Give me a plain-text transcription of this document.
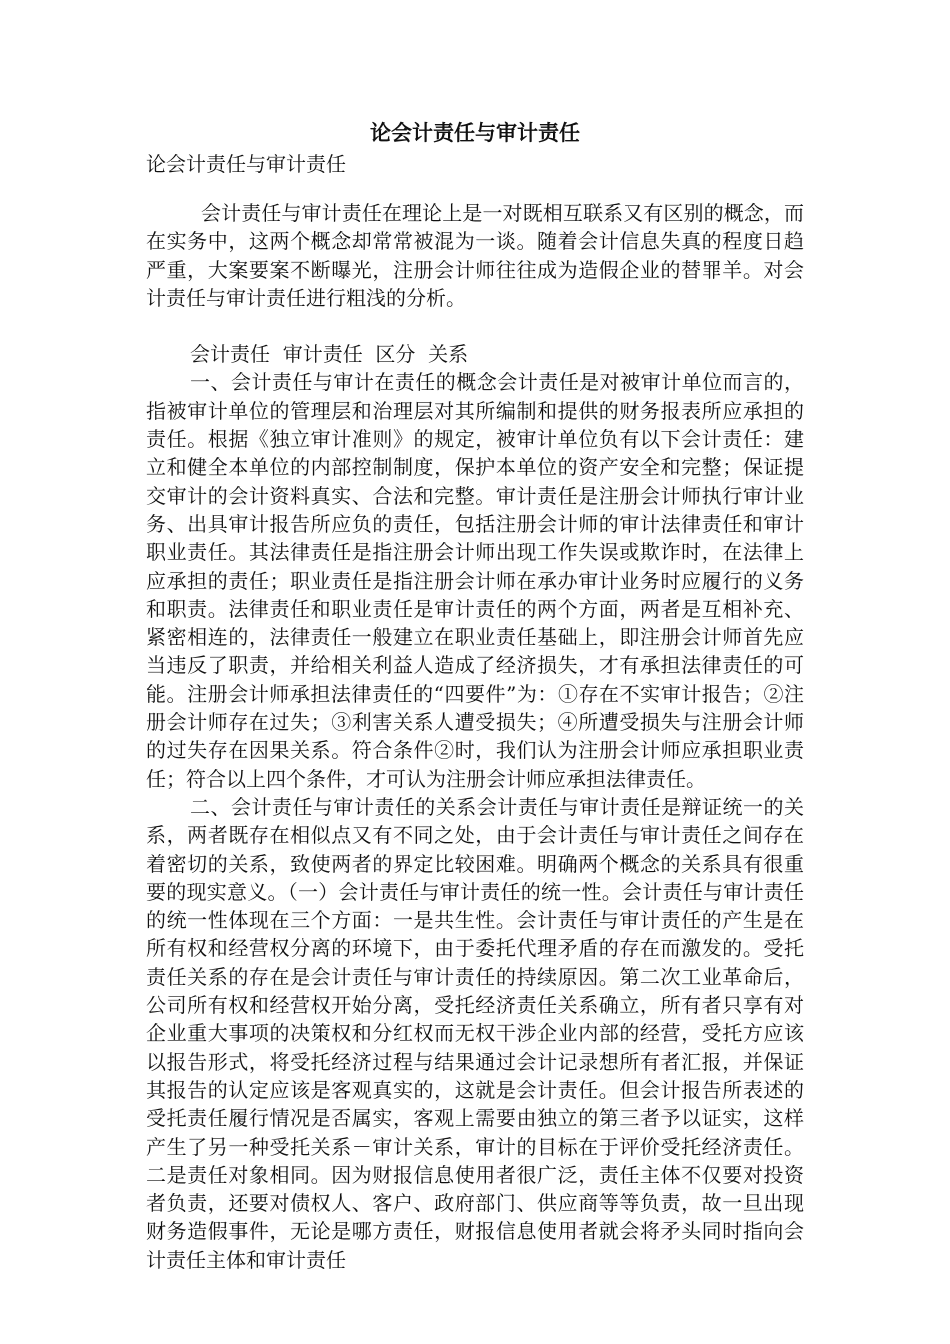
论会计责任与审计责任

论会计责任与审计责任

会计责任与审计责任在理论上是一对既相互联系又有区别的概念，而在实务中，这两个概念却常常被混为一谈。随着会计信息失真的程度日趋严重，大案要案不断曝光，注册会计师往往成为造假企业的替罪羊。对会计责任与审计责任进行粗浅的分析。

会计责任  审计责任  区分  关系

一、会计责任与审计在责任的概念会计责任是对被审计单位而言的，指被审计单位的管理层和治理层对其所编制和提供的财务报表所应承担的责任。根据《独立审计准则》的规定，被审计单位负有以下会计责任：建立和健全本单位的内部控制制度，保护本单位的资产安全和完整；保证提交审计的会计资料真实、合法和完整。审计责任是注册会计师执行审计业务、出具审计报告所应负的责任，包括注册会计师的审计法律责任和审计职业责任。其法律责任是指注册会计师出现工作失误或欺诈时，在法律上应承担的责任；职业责任是指注册会计师在承办审计业务时应履行的义务和职责。法律责任和职业责任是审计责任的两个方面，两者是互相补充、紧密相连的，法律责任一般建立在职业责任基础上，即注册会计师首先应当违反了职责，并给相关利益人造成了经济损失，才有承担法律责任的可能。注册会计师承担法律责任的“四要件”为：①存在不实审计报告；②注册会计师存在过失；③利害关系人遭受损失；④所遭受损失与注册会计师的过失存在因果关系。符合条件②时，我们认为注册会计师应承担职业责任；符合以上四个条件，才可认为注册会计师应承担法律责任。

二、会计责任与审计责任的关系会计责任与审计责任是辩证统一的关系，两者既存在相似点又有不同之处，由于会计责任与审计责任之间存在着密切的关系，致使两者的界定比较困难。明确两个概念的关系具有很重要的现实意义。（一）会计责任与审计责任的统一性。会计责任与审计责任的统一性体现在三个方面：一是共生性。会计责任与审计责任的产生是在所有权和经营权分离的环境下，由于委托代理矛盾的存在而激发的。受托责任关系的存在是会计责任与审计责任的持续原因。第二次工业革命后，公司所有权和经营权开始分离，受托经济责任关系确立，所有者只享有对企业重大事项的决策权和分红权而无权干涉企业内部的经营，受托方应该以报告形式，将受托经济过程与结果通过会计记录想所有者汇报，并保证其报告的认定应该是客观真实的，这就是会计责任。但会计报告所表述的受托责任履行情况是否属实，客观上需要由独立的第三者予以证实，这样产生了另一种受托关系－审计关系，审计的目标在于评价受托经济责任。二是责任对象相同。因为财报信息使用者很广泛，责任主体不仅要对投资者负责，还要对债权人、客户、政府部门、供应商等等负责，故一旦出现财务造假事件，无论是哪方责任，财报信息使用者就会将矛头同时指向会计责任主体和审计责任
